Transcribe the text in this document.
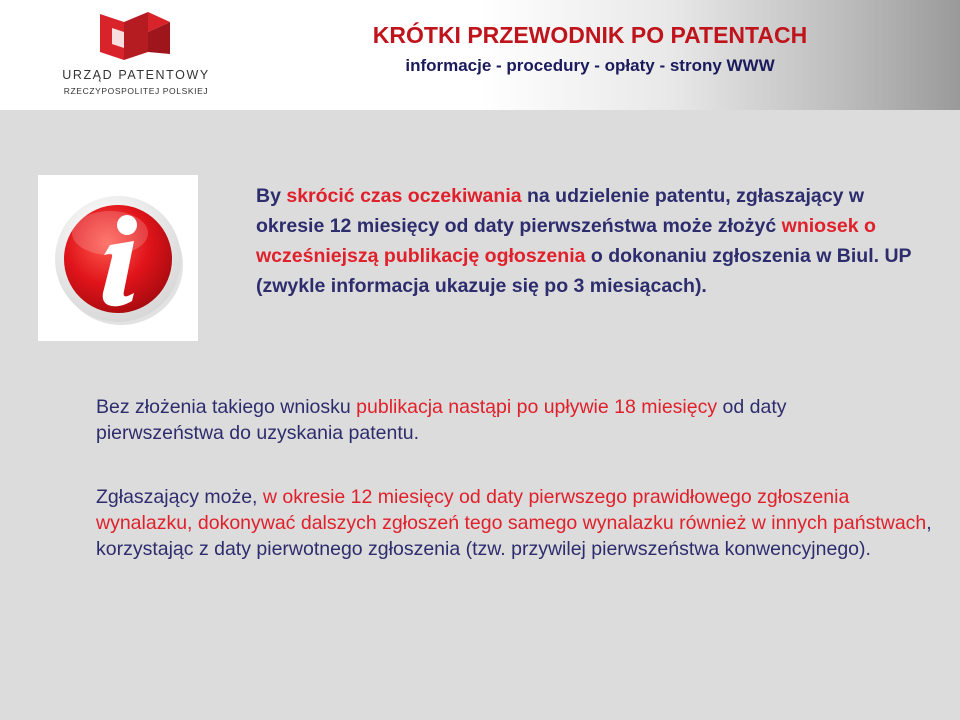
URZĄD PATENTOWY
RZECZYPOSPOLITEJ POLSKIEJ
KRÓTKI PRZEWODNIK PO PATENTACH
informacje - procedury - opłaty - strony WWW
By skrócić czas oczekiwania na udzielenie patentu, zgłaszający w okresie 12 miesięcy od daty pierwszeństwa może złożyć wniosek o wcześniejszą publikację ogłoszenia o dokonaniu zgłoszenia w Biul. UP (zwykle informacja ukazuje się po 3 miesiącach).
Bez złożenia takiego wniosku publikacja nastąpi po upływie 18 miesięcy od daty pierwszeństwa do uzyskania patentu.
Zgłaszający może, w okresie 12 miesięcy od daty pierwszego prawidłowego zgłoszenia wynalazku, dokonywać dalszych zgłoszeń tego samego wynalazku również w innych państwach, korzystając z daty pierwotnego zgłoszenia (tzw. przywilej pierwszeństwa konwencyjnego).
